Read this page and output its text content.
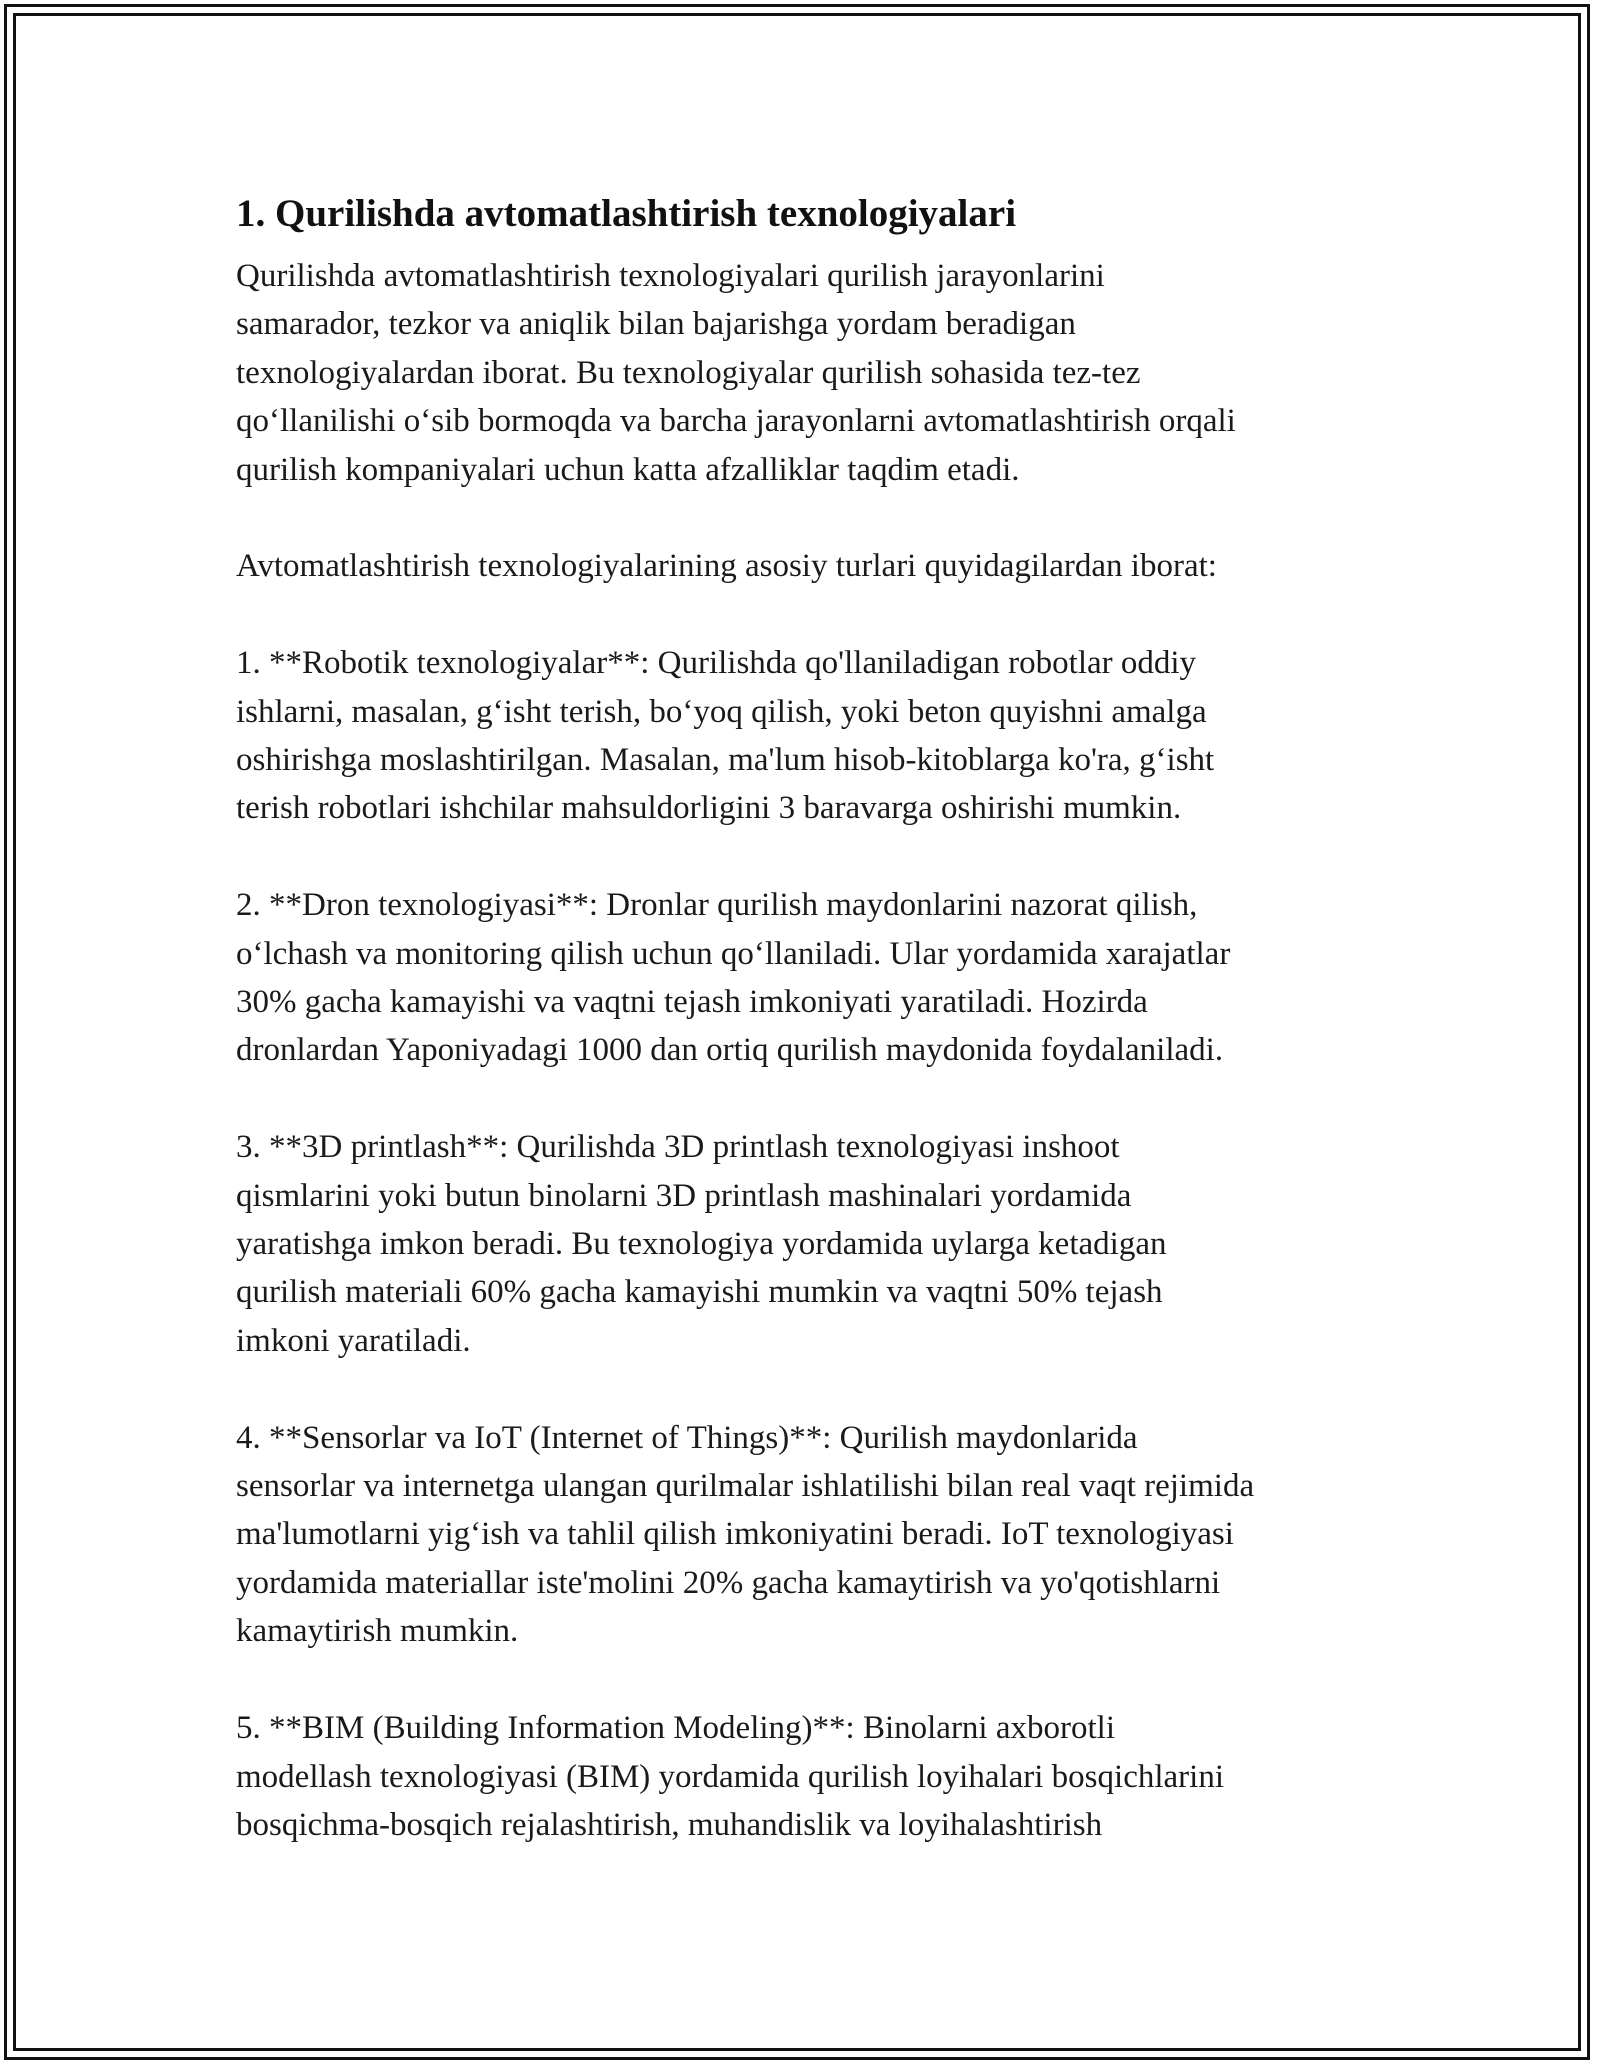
1. Qurilishda avtomatlashtirish texnologiyalari

Qurilishda avtomatlashtirish texnologiyalari qurilish jarayonlarini
samarador, tezkor va aniqlik bilan bajarishga yordam beradigan
texnologiyalardan iborat. Bu texnologiyalar qurilish sohasida tez-tez
qo‘llanilishi o‘sib bormoqda va barcha jarayonlarni avtomatlashtirish orqali
qurilish kompaniyalari uchun katta afzalliklar taqdim etadi.

Avtomatlashtirish texnologiyalarining asosiy turlari quyidagilardan iborat:

1. **Robotik texnologiyalar**: Qurilishda qo'llaniladigan robotlar oddiy
ishlarni, masalan, g‘isht terish, bo‘yoq qilish, yoki beton quyishni amalga
oshirishga moslashtirilgan. Masalan, ma'lum hisob-kitoblarga ko'ra, g‘isht
terish robotlari ishchilar mahsuldorligini 3 baravarga oshirishi mumkin.

2. **Dron texnologiyasi**: Dronlar qurilish maydonlarini nazorat qilish,
o‘lchash va monitoring qilish uchun qo‘llaniladi. Ular yordamida xarajatlar
30% gacha kamayishi va vaqtni tejash imkoniyati yaratiladi. Hozirda
dronlardan Yaponiyadagi 1000 dan ortiq qurilish maydonida foydalaniladi.

3. **3D printlash**: Qurilishda 3D printlash texnologiyasi inshoot
qismlarini yoki butun binolarni 3D printlash mashinalari yordamida
yaratishga imkon beradi. Bu texnologiya yordamida uylarga ketadigan
qurilish materiali 60% gacha kamayishi mumkin va vaqtni 50% tejash
imkoni yaratiladi.

4. **Sensorlar va IoT (Internet of Things)**: Qurilish maydonlarida
sensorlar va internetga ulangan qurilmalar ishlatilishi bilan real vaqt rejimida
ma'lumotlarni yig‘ish va tahlil qilish imkoniyatini beradi. IoT texnologiyasi
yordamida materiallar iste'molini 20% gacha kamaytirish va yo'qotishlarni
kamaytirish mumkin.

5. **BIM (Building Information Modeling)**: Binolarni axborotli
modellash texnologiyasi (BIM) yordamida qurilish loyihalari bosqichlarini
bosqichma-bosqich rejalashtirish, muhandislik va loyihalashtirish
